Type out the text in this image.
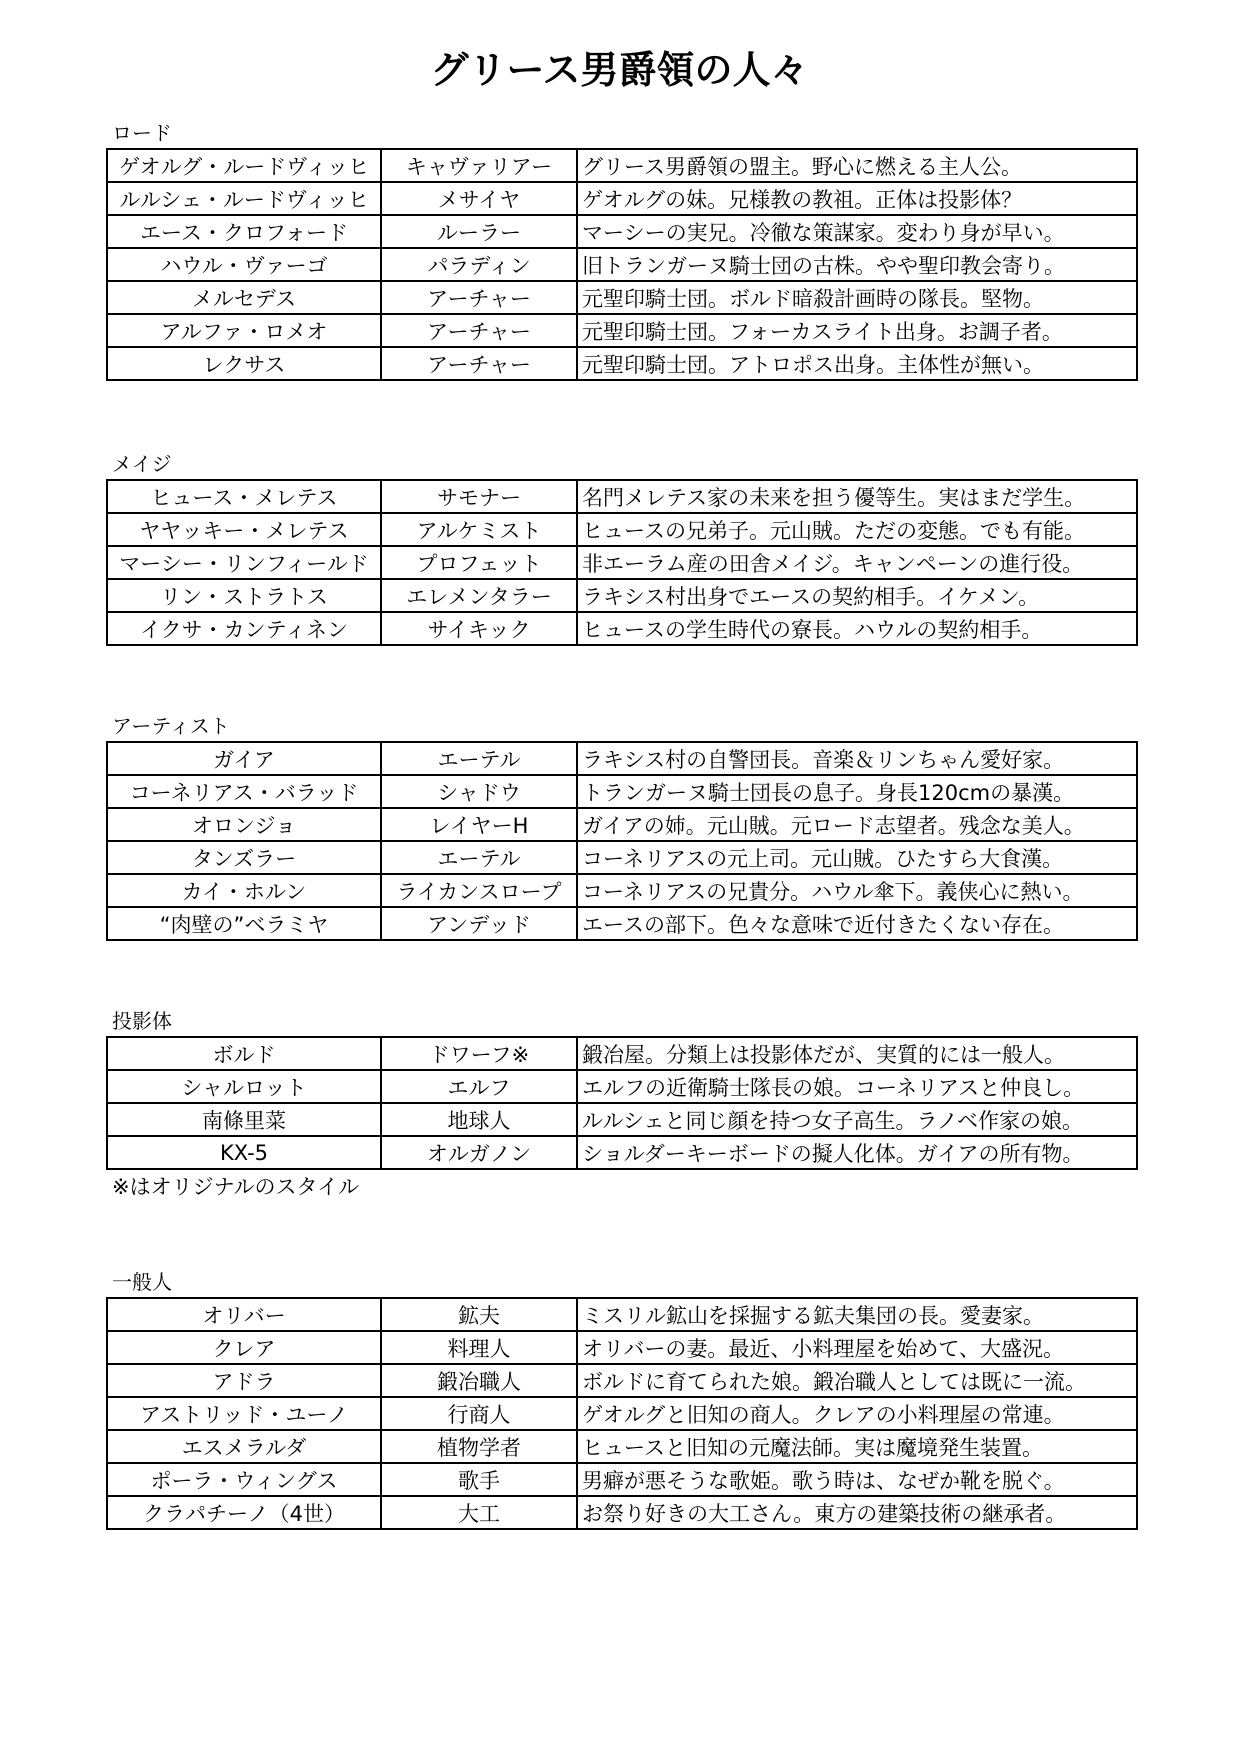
グリース男爵領の人々

ロード

ゲオルグ・ルードヴィッヒ	キャヴァリアー	グリース男爵領の盟主。野心に燃える主人公。
ルルシェ・ルードヴィッヒ	メサイヤ	ゲオルグの妹。兄様教の教祖。正体は投影体？
エース・クロフォード	ルーラー	マーシーの実兄。冷徹な策謀家。変わり身が早い。
ハウル・ヴァーゴ	パラディン	旧トランガーヌ騎士団の古株。やや聖印教会寄り。
メルセデス	アーチャー	元聖印騎士団。ボルド暗殺計画時の隊長。堅物。
アルファ・ロメオ	アーチャー	元聖印騎士団。フォーカスライト出身。お調子者。
レクサス	アーチャー	元聖印騎士団。アトロポス出身。主体性が無い。

メイジ

ヒュース・メレテス	サモナー	名門メレテス家の未来を担う優等生。実はまだ学生。
ヤヤッキー・メレテス	アルケミスト	ヒュースの兄弟子。元山賊。ただの変態。でも有能。
マーシー・リンフィールド	プロフェット	非エーラム産の田舎メイジ。キャンペーンの進行役。
リン・ストラトス	エレメンタラー	ラキシス村出身でエースの契約相手。イケメン。
イクサ・カンティネン	サイキック	ヒュースの学生時代の寮長。ハウルの契約相手。

アーティスト

ガイア	エーテル	ラキシス村の自警団長。音楽＆リンちゃん愛好家。
コーネリアス・バラッド	シャドウ	トランガーヌ騎士団長の息子。身長120cmの暴漢。
オロンジョ	レイヤーH	ガイアの姉。元山賊。元ロード志望者。残念な美人。
タンズラー	エーテル	コーネリアスの元上司。元山賊。ひたすら大食漢。
カイ・ホルン	ライカンスロープ	コーネリアスの兄貴分。ハウル傘下。義侠心に熱い。
“肉壁の”ベラミヤ	アンデッド	エースの部下。色々な意味で近付きたくない存在。

投影体

ボルド	ドワーフ※	鍛冶屋。分類上は投影体だが、実質的には一般人。
シャルロット	エルフ	エルフの近衛騎士隊長の娘。コーネリアスと仲良し。
南條里菜	地球人	ルルシェと同じ顔を持つ女子高生。ラノベ作家の娘。
KX-5	オルガノン	ショルダーキーボードの擬人化体。ガイアの所有物。

※はオリジナルのスタイル

一般人

オリバー	鉱夫	ミスリル鉱山を採掘する鉱夫集団の長。愛妻家。
クレア	料理人	オリバーの妻。最近、小料理屋を始めて、大盛況。
アドラ	鍛冶職人	ボルドに育てられた娘。鍛冶職人としては既に一流。
アストリッド・ユーノ	行商人	ゲオルグと旧知の商人。クレアの小料理屋の常連。
エスメラルダ	植物学者	ヒュースと旧知の元魔法師。実は魔境発生装置。
ポーラ・ウィングス	歌手	男癖が悪そうな歌姫。歌う時は、なぜか靴を脱ぐ。
クラパチーノ（4世）	大工	お祭り好きの大工さん。東方の建築技術の継承者。
